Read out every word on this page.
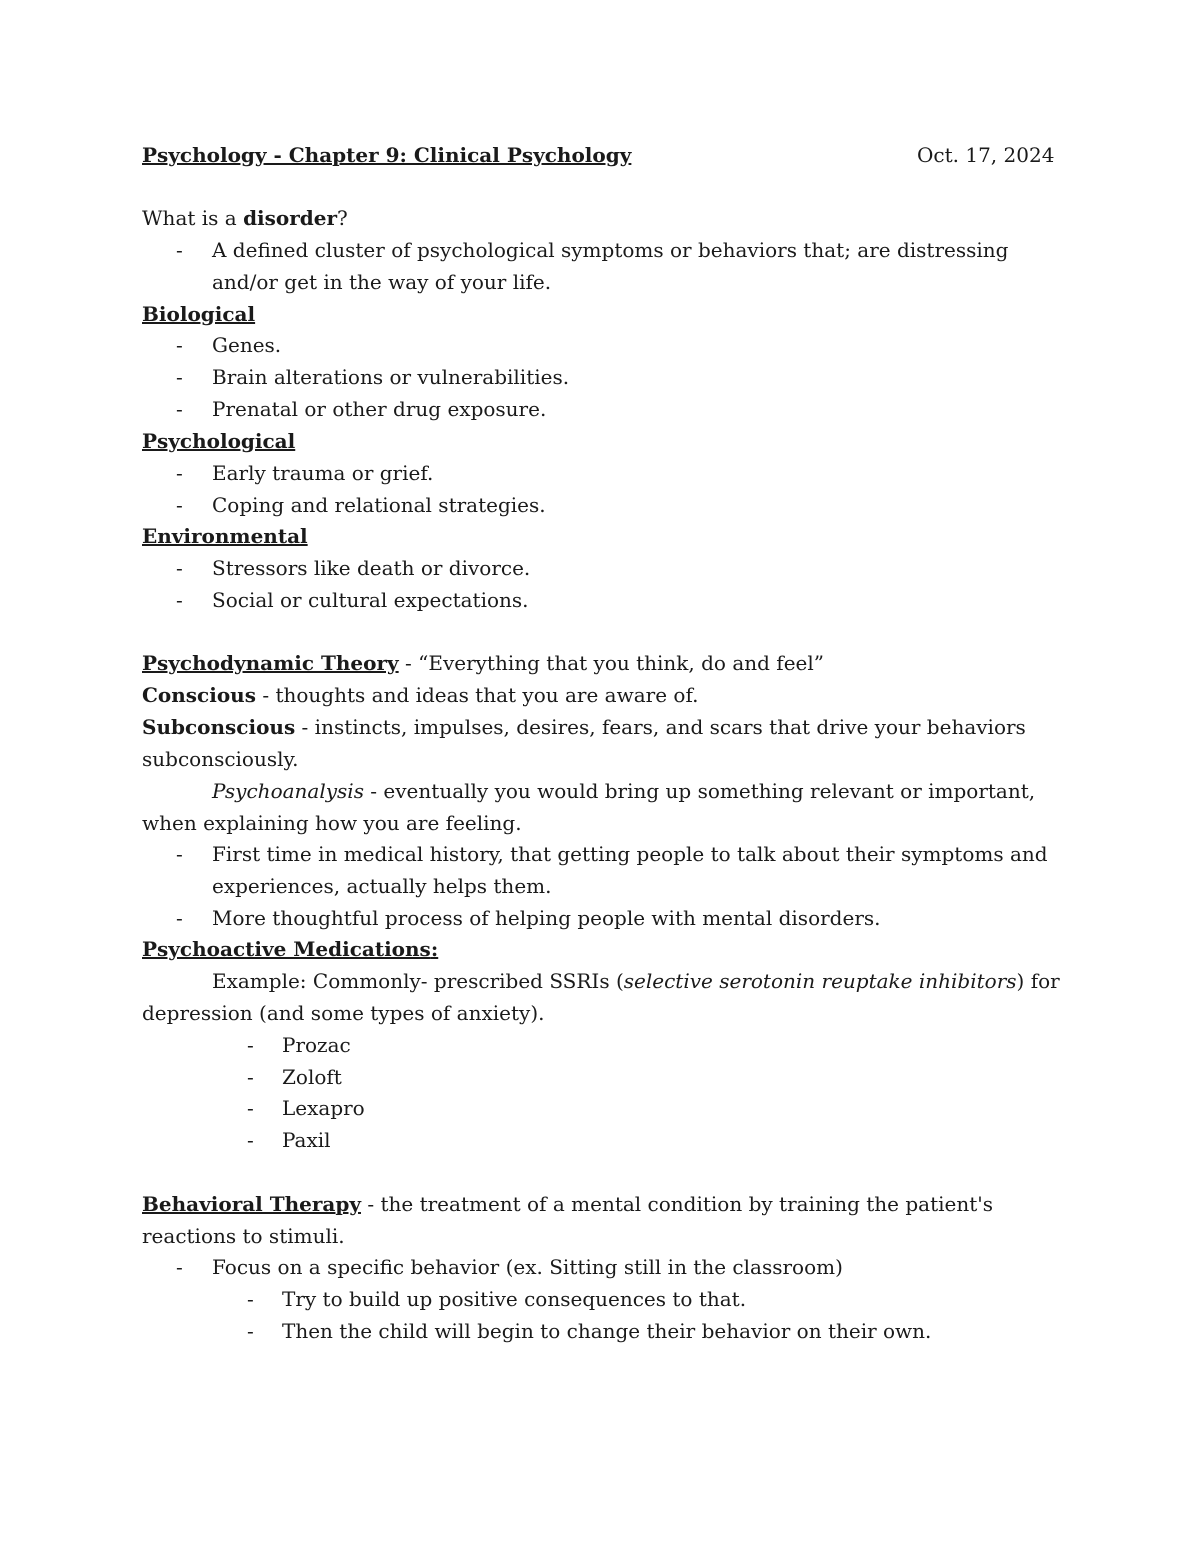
Psychology - Chapter 9: Clinical Psychology	Oct. 17, 2024
What is a disorder?
- A defined cluster of psychological symptoms or behaviors that; are distressing
and/or get in the way of your life.
Biological
- Genes.
- Brain alterations or vulnerabilities.
- Prenatal or other drug exposure.
Psychological
- Early trauma or grief.
- Coping and relational strategies.
Environmental
- Stressors like death or divorce.
- Social or cultural expectations.
Psychodynamic Theory - “Everything that you think, do and feel”
Conscious - thoughts and ideas that you are aware of.
Subconscious - instincts, impulses, desires, fears, and scars that drive your behaviors
subconsciously.
Psychoanalysis - eventually you would bring up something relevant or important,
when explaining how you are feeling.
- First time in medical history, that getting people to talk about their symptoms and
experiences, actually helps them.
- More thoughtful process of helping people with mental disorders.
Psychoactive Medications:
Example: Commonly- prescribed SSRIs (selective serotonin reuptake inhibitors) for
depression (and some types of anxiety).
- Prozac
- Zoloft
- Lexapro
- Paxil
Behavioral Therapy - the treatment of a mental condition by training the patient's
reactions to stimuli.
- Focus on a specific behavior (ex. Sitting still in the classroom)
- Try to build up positive consequences to that.
- Then the child will begin to change their behavior on their own.
